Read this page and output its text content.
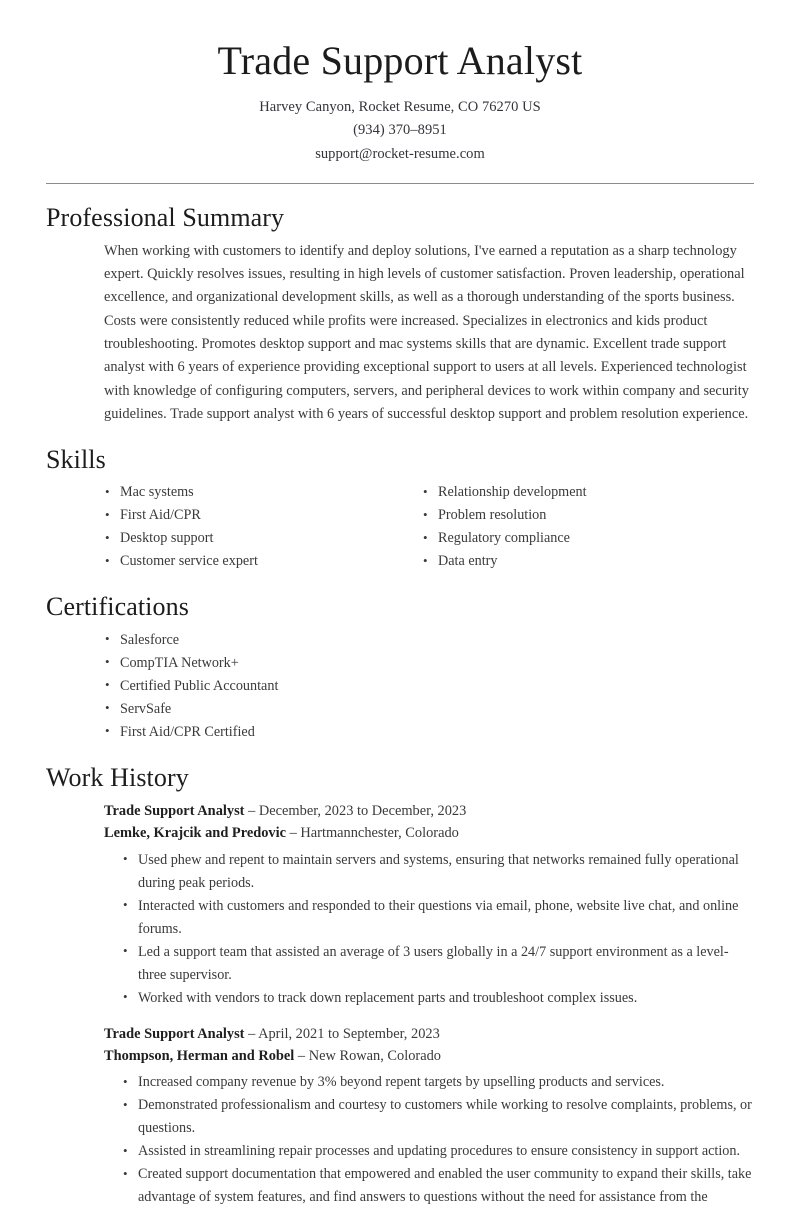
Trade Support Analyst
Harvey Canyon, Rocket Resume, CO 76270 US
(934) 370–8951
support@rocket-resume.com
Professional Summary

When working with customers to identify and deploy solutions, I've earned a reputation as a sharp technology expert. Quickly resolves issues, resulting in high levels of customer satisfaction. Proven leadership, operational excellence, and organizational development skills, as well as a thorough understanding of the sports business. Costs were consistently reduced while profits were increased. Specializes in electronics and kids product troubleshooting. Promotes desktop support and mac systems skills that are dynamic. Excellent trade support analyst with 6 years of experience providing exceptional support to users at all levels. Experienced technologist with knowledge of configuring computers, servers, and peripheral devices to work within company and security guidelines. Trade support analyst with 6 years of successful desktop support and problem resolution experience.

Skills
• Mac systems
• First Aid/CPR
• Desktop support
• Customer service expert
• Relationship development
• Problem resolution
• Regulatory compliance
• Data entry
Certifications
• Salesforce
• CompTIA Network+
• Certified Public Accountant
• ServSafe
• First Aid/CPR Certified
Work History
Trade Support Analyst – December, 2023 to December, 2023
Lemke, Krajcik and Predovic – Hartmannchester, Colorado
• Used phew and repent to maintain servers and systems, ensuring that networks remained fully operational during peak periods.
• Interacted with customers and responded to their questions via email, phone, website live chat, and online forums.
• Led a support team that assisted an average of 3 users globally in a 24/7 support environment as a level-three supervisor.
• Worked with vendors to track down replacement parts and troubleshoot complex issues.
Trade Support Analyst – April, 2021 to September, 2023
Thompson, Herman and Robel – New Rowan, Colorado
• Increased company revenue by 3% beyond repent targets by upselling products and services.
• Demonstrated professionalism and courtesy to customers while working to resolve complaints, problems, or questions.
• Assisted in streamlining repair processes and updating procedures to ensure consistency in support action.
• Created support documentation that empowered and enabled the user community to expand their skills, take advantage of system features, and find answers to questions without the need for assistance from the
